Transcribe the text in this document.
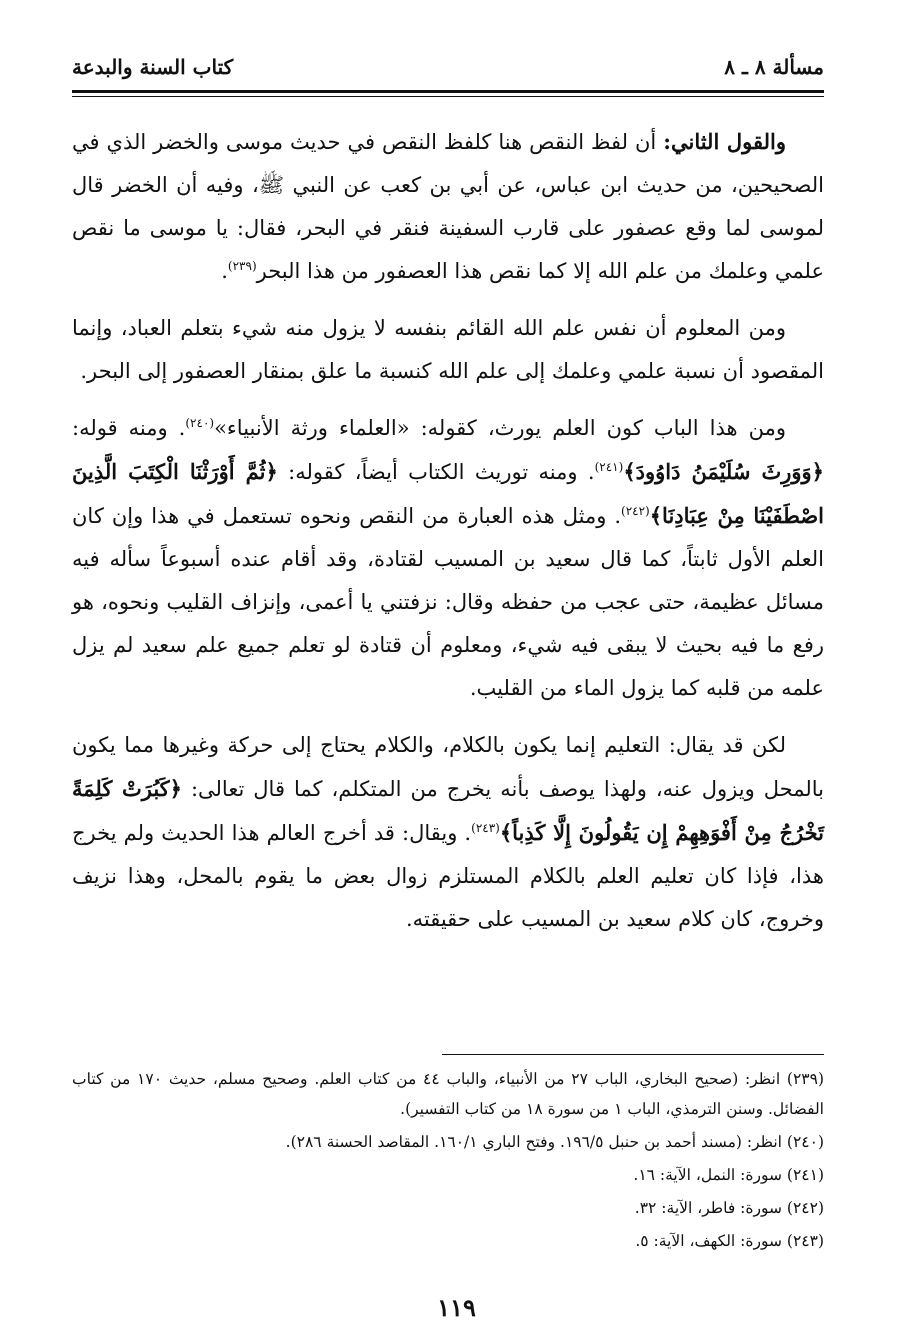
مسألة ٨ ـ ٨
كتاب السنة والبدعة

والقول الثاني: أن لفظ النقص هنا كلفظ النقص في حديث موسى والخضر الذي في الصحيحين، من حديث ابن عباس، عن أبي بن كعب عن النبي ﷺ، وفيه أن الخضر قال لموسى لما وقع عصفور على قارب السفينة فنقر في البحر، فقال: يا موسى ما نقص علمي وعلمك من علم الله إلا كما نقص هذا العصفور من هذا البحر$^{(٢٣٩)}$.

ومن المعلوم أن نفس علم الله القائم بنفسه لا يزول منه شيء بتعلم العباد، وإنما المقصود أن نسبة علمي وعلمك إلى علم الله كنسبة ما علق بمنقار العصفور إلى البحر.

ومن هذا الباب كون العلم يورث، كقوله: «العلماء ورثة الأنبياء»$^{(٢٤٠)}$. ومنه قوله: ﴿وَوَرِثَ سُلَيْمَنُ دَاوُودَ﴾$^{(٢٤١)}$. ومنه توريث الكتاب أيضاً، كقوله: ﴿ثُمَّ أَوْرَثْنَا الْكِتَبَ الَّذِينَ اصْطَفَيْنَا مِنْ عِبَادِنَا﴾$^{(٢٤٢)}$. ومثل هذه العبارة من النقص ونحوه تستعمل في هذا وإن كان العلم الأول ثابتاً، كما قال سعيد بن المسيب لقتادة، وقد أقام عنده أسبوعاً سأله فيه مسائل عظيمة، حتى عجب من حفظه وقال: نزفتني يا أعمى، وإنزاف القليب ونحوه، هو رفع ما فيه بحيث لا يبقى فيه شيء، ومعلوم أن قتادة لو تعلم جميع علم سعيد لم يزل علمه من قلبه كما يزول الماء من القليب.

لكن قد يقال: التعليم إنما يكون بالكلام، والكلام يحتاج إلى حركة وغيرها مما يكون بالمحل ويزول عنه، ولهذا يوصف بأنه يخرج من المتكلم، كما قال تعالى: ﴿كَبُرَتْ كَلِمَةً تَخْرُجُ مِنْ أَفْوَهِهِمْ إِن يَقُولُونَ إِلَّا كَذِباً﴾$^{(٢٤٣)}$. ويقال: قد أخرج العالم هذا الحديث ولم يخرج هذا، فإذا كان تعليم العلم بالكلام المستلزم زوال بعض ما يقوم بالمحل، وهذا نزيف وخروج، كان كلام سعيد بن المسيب على حقيقته.

(٢٣٩) انظر: (صحيح البخاري، الباب ٢٧ من الأنبياء، والباب ٤٤ من كتاب العلم. وصحيح مسلم، حديث ١٧٠ من كتاب الفضائل. وسنن الترمذي، الباب ١ من سورة ١٨ من كتاب التفسير).

(٢٤٠) انظر: (مسند أحمد بن حنبل ١٩٦/٥. وفتح الباري ١٦٠/١. المقاصد الحسنة ٢٨٦).

(٢٤١) سورة: النمل، الآية: ١٦.

(٢٤٢) سورة: فاطر، الآية: ٣٢.

(٢٤٣) سورة: الكهف، الآية: ٥.

١١٩
